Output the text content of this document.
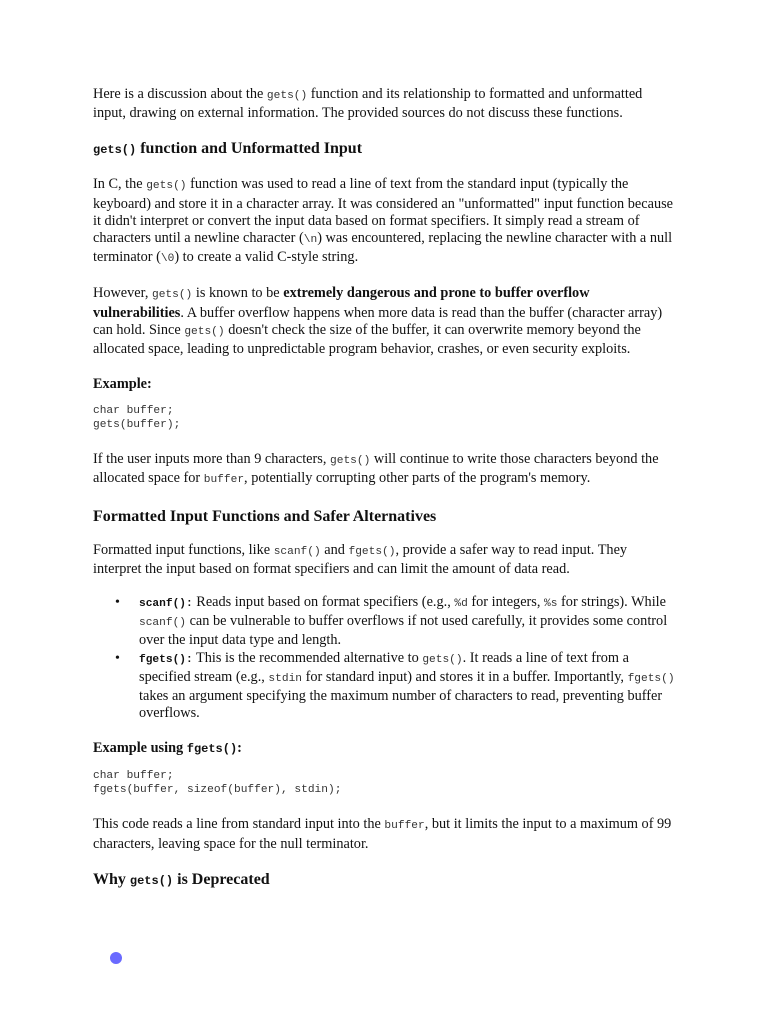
Here is a discussion about the gets() function and its relationship to formatted and unformatted input, drawing on external information. The provided sources do not discuss these functions.

gets() function and Unformatted Input

In C, the gets() function was used to read a line of text from the standard input (typically the keyboard) and store it in a character array. It was considered an "unformatted" input function because it didn't interpret or convert the input data based on format specifiers. It simply read a stream of characters until a newline character (\n) was encountered, replacing the newline character with a null terminator (\0) to create a valid C-style string.

However, gets() is known to be extremely dangerous and prone to buffer overflow vulnerabilities. A buffer overflow happens when more data is read than the buffer (character array) can hold. Since gets() doesn't check the size of the buffer, it can overwrite memory beyond the allocated space, leading to unpredictable program behavior, crashes, or even security exploits.

Example:
char buffer;
gets(buffer);

If the user inputs more than 9 characters, gets() will continue to write those characters beyond the allocated space for buffer, potentially corrupting other parts of the program's memory.

Formatted Input Functions and Safer Alternatives

Formatted input functions, like scanf() and fgets(), provide a safer way to read input. They interpret the input based on format specifiers and can limit the amount of data read.

• scanf(): Reads input based on format specifiers (e.g., %d for integers, %s for strings). While scanf() can be vulnerable to buffer overflows if not used carefully, it provides some control over the input data type and length.
• fgets(): This is the recommended alternative to gets(). It reads a line of text from a specified stream (e.g., stdin for standard input) and stores it in a buffer. Importantly, fgets() takes an argument specifying the maximum number of characters to read, preventing buffer overflows.
Example using fgets():
char buffer;
fgets(buffer, sizeof(buffer), stdin);

This code reads a line from standard input into the buffer, but it limits the input to a maximum of 99 characters, leaving space for the null terminator.

Why gets() is Deprecated
